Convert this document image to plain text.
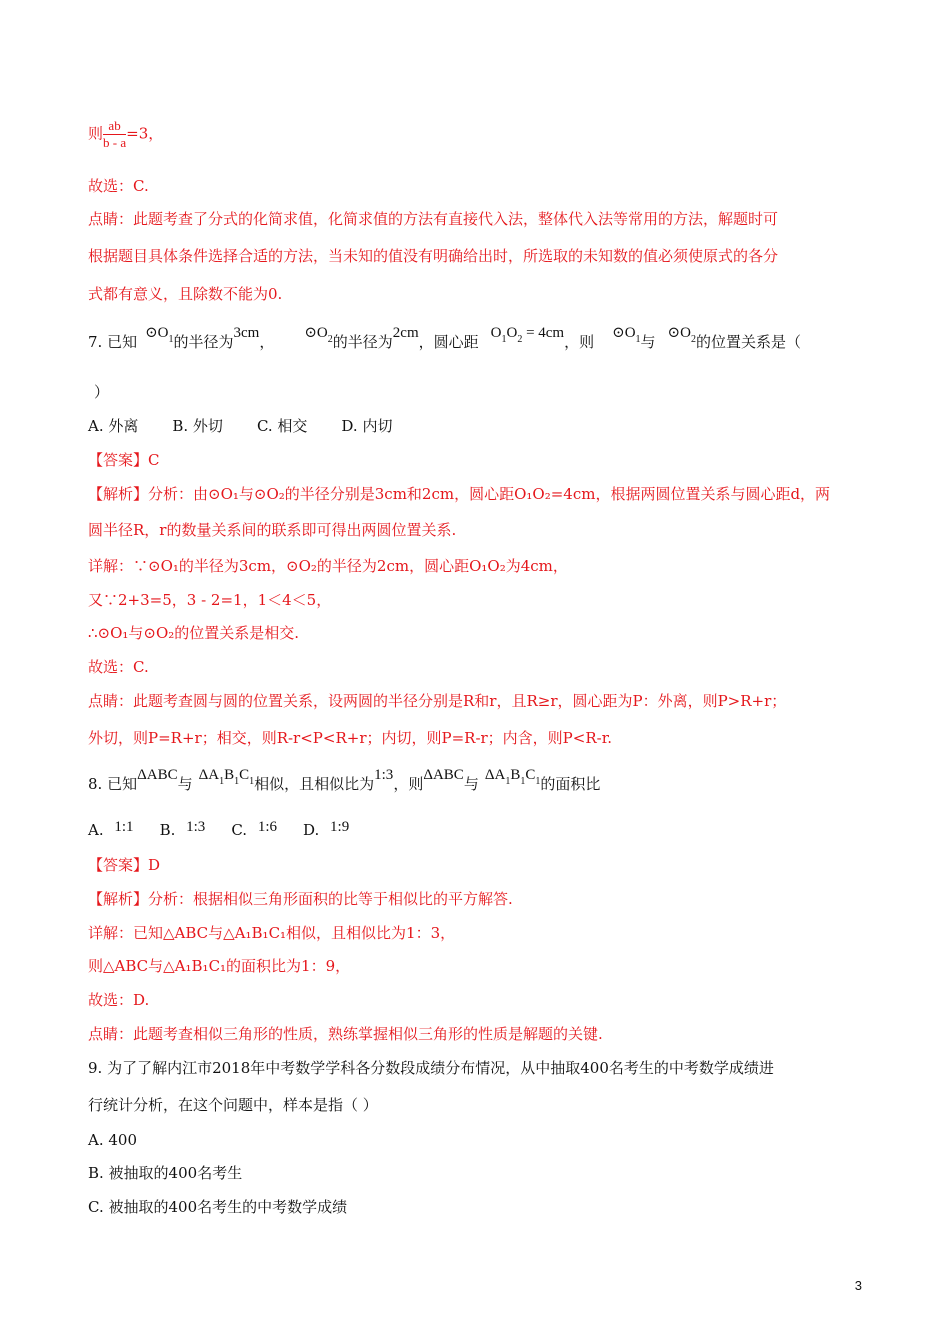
则 $\frac{ab}{b - a} =3$，
故选：C.
点睛：此题考查了分式的化简求值，化简求值的方法有直接代入法，整体代入法等常用的方法，解题时可
根据题目具体条件选择合适的方法，当未知的值没有明确给出时，所选取的未知数的值必须使原式的各分
式都有意义，且除数不能为0.
7. 已知 $⊙O_1$的半径为3cm， $⊙O_2$的半径为2cm，圆心距 $O_1O_2 = 4cm$，则 $⊙O_1$与 $⊙O_2$的位置关系是（
）
A. 外离 B. 外切 C. 相交 D. 内切
【答案】C
【解析】分析：由⊙O₁与⊙O₂的半径分别是3cm和2cm，圆心距O₁O₂=4cm，根据两圆位置关系与圆心距d，两
圆半径R，r的数量关系间的联系即可得出两圆位置关系.
详解：∵⊙O₁的半径为3cm，⊙O₂的半径为2cm，圆心距O₁O₂为4cm，
又∵2+3=5，3 - 2=1，1＜4＜5，
∴⊙O₁与⊙O₂的位置关系是相交.
故选：C.
点睛：此题考查圆与圆的位置关系，设两圆的半径分别是R和r，且R≥r，圆心距为P：外离，则P>R+r；
外切，则P=R+r；相交，则R-r<P<R+r；内切，则P=R-r；内含，则P<R-r.
8. 已知ΔABC与 $\Delta A_1B_1C_1$相似，且相似比为1:3，则ΔABC与 $\Delta A_1B_1C_1$的面积比
A. 1:1 B. 1:3 C. 1:6 D. 1:9
【答案】D
【解析】分析：根据相似三角形面积的比等于相似比的平方解答.
详解：已知△ABC与△A₁B₁C₁相似，且相似比为1：3，
则△ABC与△A₁B₁C₁的面积比为1：9，
故选：D.
点睛：此题考查相似三角形的性质，熟练掌握相似三角形的性质是解题的关键.
9. 为了了解内江市2018年中考数学学科各分数段成绩分布情况，从中抽取400名考生的中考数学成绩进
行统计分析，在这个问题中，样本是指（ ）
A. 400
B. 被抽取的400名考生
C. 被抽取的400名考生的中考数学成绩
3
